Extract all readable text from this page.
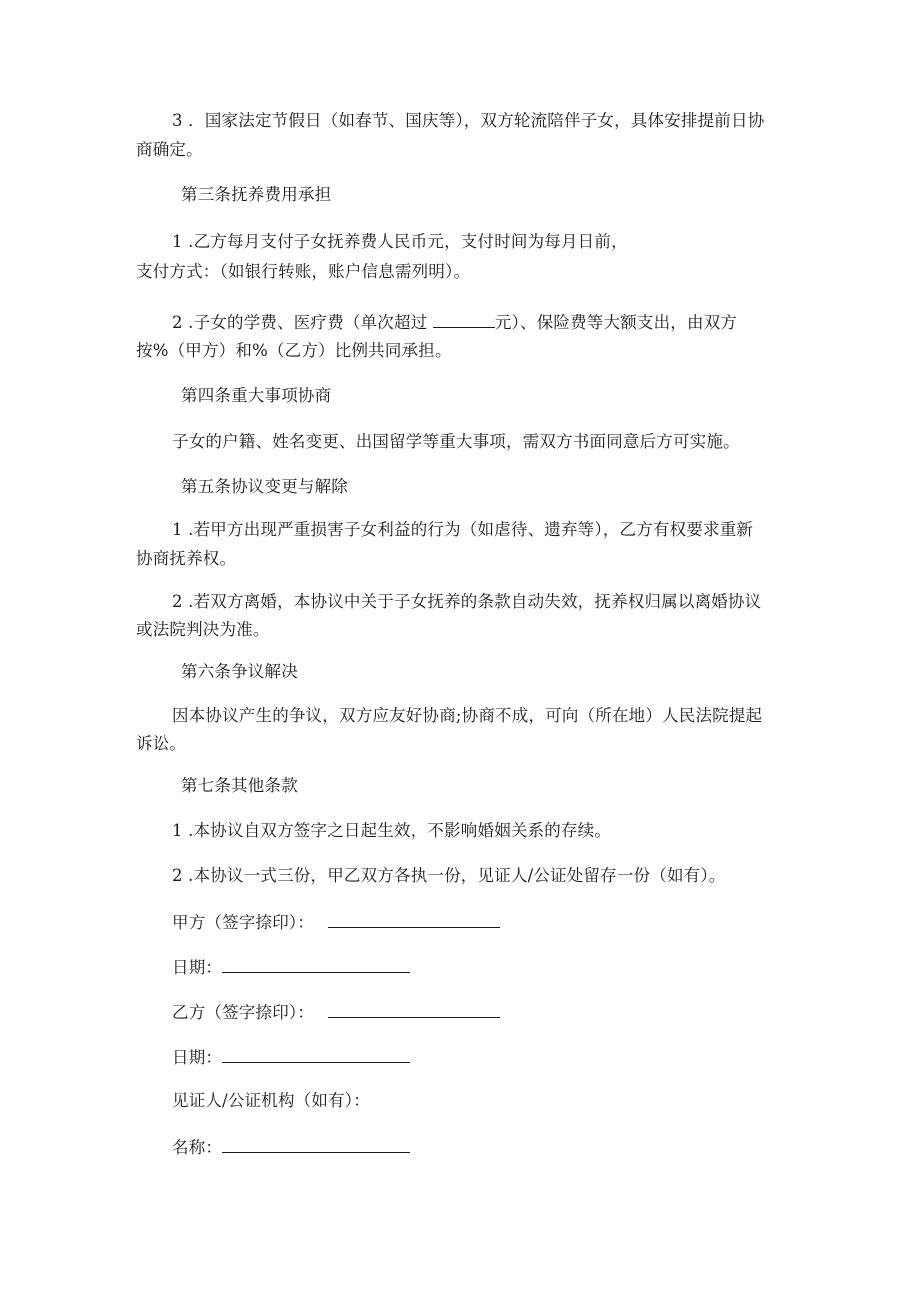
3 ．国家法定节假日（如春节、国庆等），双方轮流陪伴子女，具体安排提前日协
商确定。
第三条抚养费用承担
1 .乙方每月支付子女抚养费人民币元，支付时间为每月日前，
支付方式：（如银行转账，账户信息需列明）。
2 .子女的学费、医疗费（单次超过	元）、保险费等大额支出，由双方
按%（甲方）和%（乙方）比例共同承担。
第四条重大事项协商
子女的户籍、姓名变更、出国留学等重大事项，需双方书面同意后方可实施。
第五条协议变更与解除
1 .若甲方出现严重损害子女利益的行为（如虐待、遗弃等），乙方有权要求重新
协商抚养权。
2 .若双方离婚，本协议中关于子女抚养的条款自动失效，抚养权归属以离婚协议
或法院判决为准。
第六条争议解决
因本协议产生的争议，双方应友好协商;协商不成，可向（所在地）人民法院提起
诉讼。
第七条其他条款
1 .本协议自双方签字之日起生效，不影响婚姻关系的存续。
2 .本协议一式三份，甲乙双方各执一份，见证人/公证处留存一份（如有）。
甲方（签字捺印）：
日期：
乙方（签字捺印）：
日期：
见证人/公证机构（如有）：
名称：
